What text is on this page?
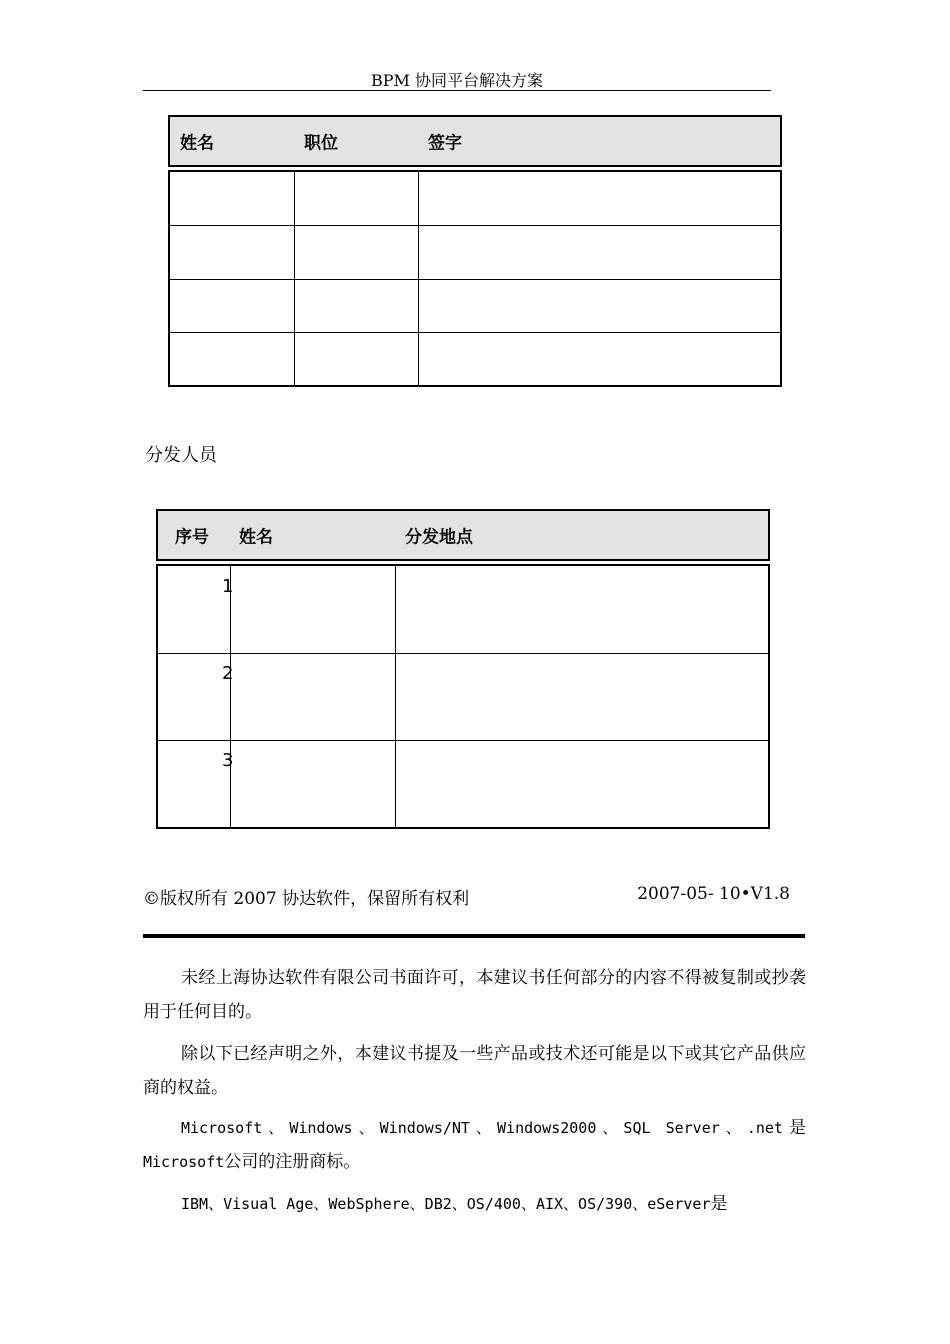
BPM 协同平台解决方案
姓名	职位	签字
分发人员
序号 姓名	分发地点
1
2
3
©版权所有 2007 协达软件，保留所有权利	2007-05- 10•V1.8
未经上海协达软件有限公司书面许可，本建议书任何部分的内容不得被复制或抄袭用于任何目的。
除以下已经声明之外，本建议书提及一些产品或技术还可能是以下或其它产品供应商的权益。
Microsoft、Windows、Windows/NT、Windows2000、SQL Server、.net是Microsoft公司的注册商标。
IBM、Visual Age、WebSphere、DB2、OS/400、AIX、OS/390、eServer是
